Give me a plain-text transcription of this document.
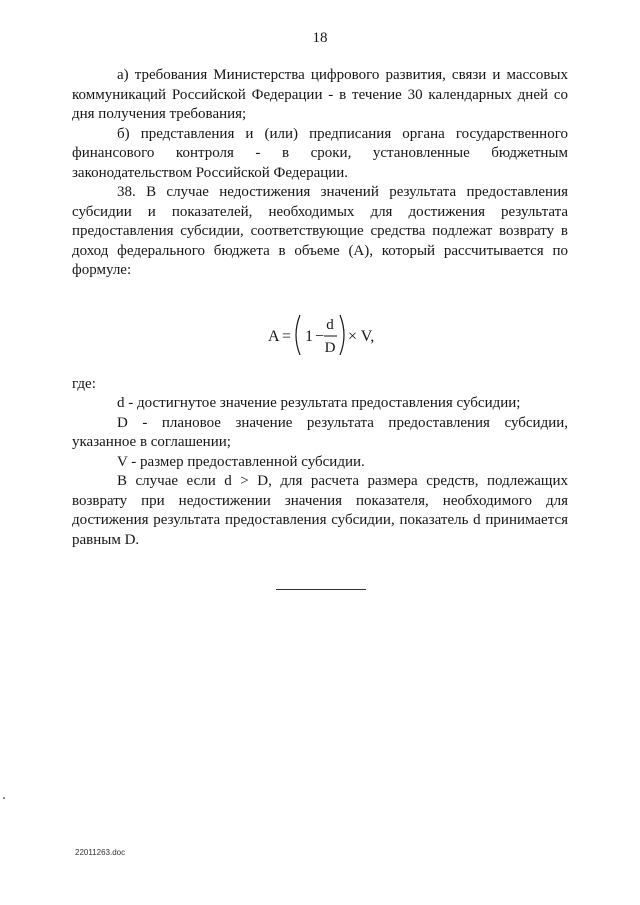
18

а) требования Министерства цифрового развития, связи и массовых коммуникаций Российской Федерации - в течение 30 календарных дней со дня получения требования;

б) представления и (или) предписания органа государственного финансового контроля - в сроки, установленные бюджетным законодательством Российской Федерации.

38. В случае недостижения значений результата предоставления субсидии и показателей, необходимых для достижения результата предоставления субсидии, соответствующие средства подлежат возврату в доход федерального бюджета в объеме (А), который рассчитывается по формуле:

A = 1 −
d
D
× V,

где:

d - достигнутое значение результата предоставления субсидии;

D - плановое значение результата предоставления субсидии, указанное в соглашении;

V - размер предоставленной субсидии.

В случае если d > D, для расчета размера средств, подлежащих возврату при недостижении значения показателя, необходимого для достижения результата предоставления субсидии, показатель d принимается равным D.

22011263.doc
